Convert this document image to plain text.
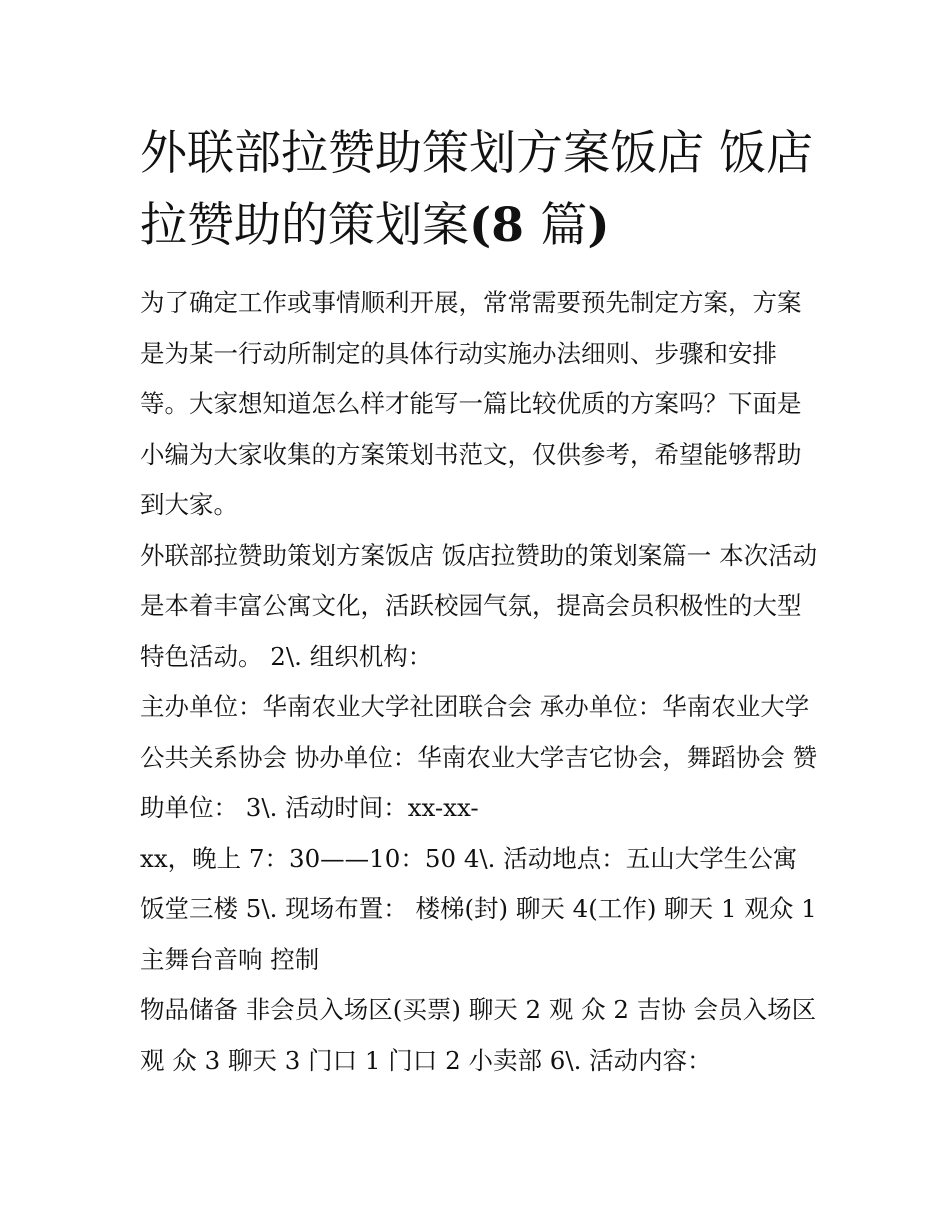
外联部拉赞助策划方案饭店 饭店拉赞助的策划案(8 篇)

为了确定工作或事情顺利开展，常常需要预先制定方案，方案是为某一行动所制定的具体行动实施办法细则、步骤和安排等。大家想知道怎么样才能写一篇比较优质的方案吗？下面是小编为大家收集的方案策划书范文，仅供参考，希望能够帮助到大家。

外联部拉赞助策划方案饭店 饭店拉赞助的策划案篇一 本次活动是本着丰富公寓文化，活跃校园气氛，提高会员积极性的大型特色活动。 2\. 组织机构：

主办单位：华南农业大学社团联合会 承办单位：华南农业大学公共关系协会 协办单位：华南农业大学吉它协会，舞蹈协会 赞助单位： 3\. 活动时间：xx-xx-

xx，晚上 7：30——10：50 4\. 活动地点：五山大学生公寓饭堂三楼 5\. 现场布置： 楼梯(封) 聊天 4(工作) 聊天 1 观众 1 主舞台音响 控制

物品储备 非会员入场区(买票) 聊天 2 观 众 2 吉协 会员入场区观 众 3 聊天 3 门口 1 门口 2 小卖部 6\. 活动内容：
